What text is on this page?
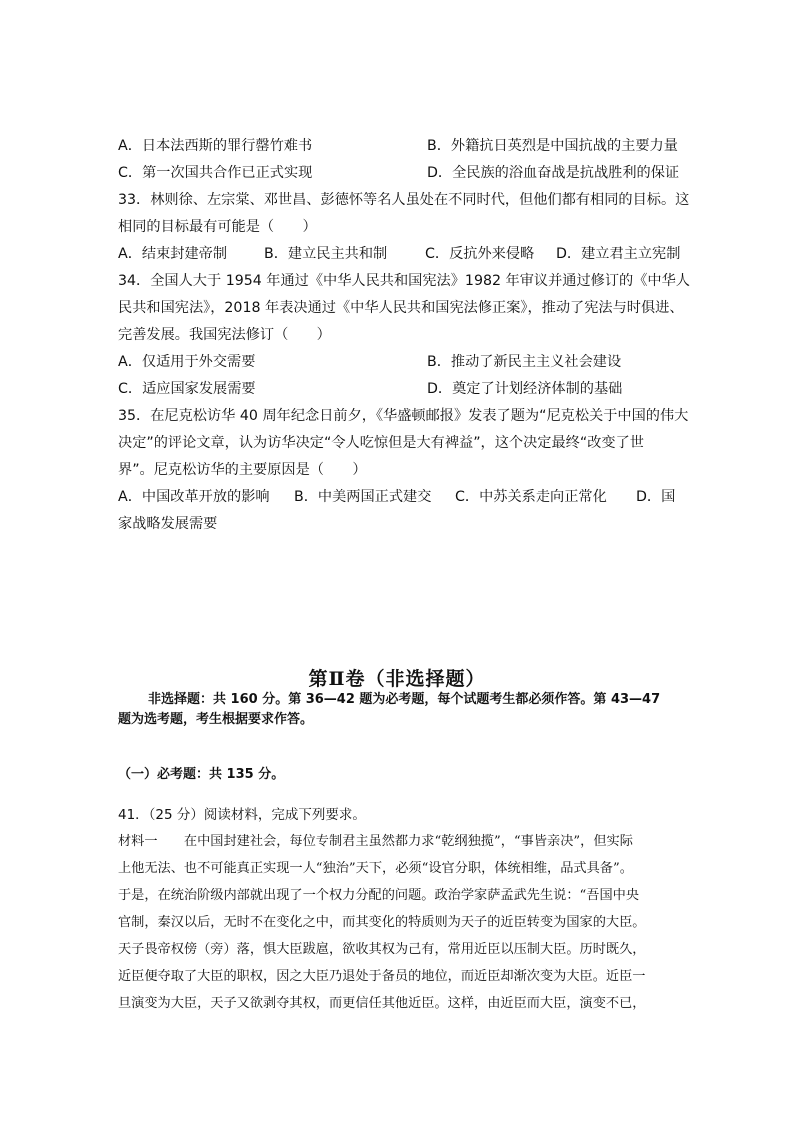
A．日本法西斯的罪行罄竹难书	B．外籍抗日英烈是中国抗战的主要力量
C．第一次国共合作已正式实现	D．全民族的浴血奋战是抗战胜利的保证
33．林则徐、左宗棠、邓世昌、彭德怀等名人虽处在不同时代，但他们都有相同的目标。这
相同的目标最有可能是（　　）
A．结束封建帝制	B．建立民主共和制	C．反抗外来侵略 D．建立君主立宪制
34．全国人大于 1954 年通过《中华人民共和国宪法》1982 年审议并通过修订的《中华人
民共和国宪法》，2018 年表决通过《中华人民共和国宪法修正案》，推动了宪法与时俱进、
完善发展。我国宪法修订（　　）
A．仅适用于外交需要	B．推动了新民主主义社会建设
C．适应国家发展需要	D．奠定了计划经济体制的基础
35．在尼克松访华 40 周年纪念日前夕，《华盛顿邮报》发表了题为“尼克松关于中国的伟大
决定”的评论文章，认为访华决定“令人吃惊但是大有裨益”，这个决定最终“改变了世
界”。尼克松访华的主要原因是（　　）
A．中国改革开放的影响 B．中美两国正式建交 C．中苏关系走向正常化 D．国
家战略发展需要
第Ⅱ卷（非选择题）
非选择题：共 160 分。第 36—42 题为必考题，每个试题考生都必须作答。第 43—47
题为选考题，考生根据要求作答。
（一）必考题：共 135 分。
41．（25 分）阅读材料，完成下列要求。
材料一　　在中国封建社会，每位专制君主虽然都力求“乾纲独揽”，“事皆亲决”，但实际
上他无法、也不可能真正实现一人“独治”天下，必须“设官分职，体统相维，品式具备”。
于是，在统治阶级内部就出现了一个权力分配的问题。政治学家萨孟武先生说：“吾国中央
官制，秦汉以后，无时不在变化之中，而其变化的特质则为天子的近臣转变为国家的大臣。
天子畏帝权傍（旁）落，惧大臣跋扈，欲收其权为己有，常用近臣以压制大臣。历时既久，
近臣便夺取了大臣的职权，因之大臣乃退处于备员的地位，而近臣却渐次变为大臣。近臣一
旦演变为大臣，天子又欲剥夺其权，而更信任其他近臣。这样，由近臣而大臣，演变不已，
